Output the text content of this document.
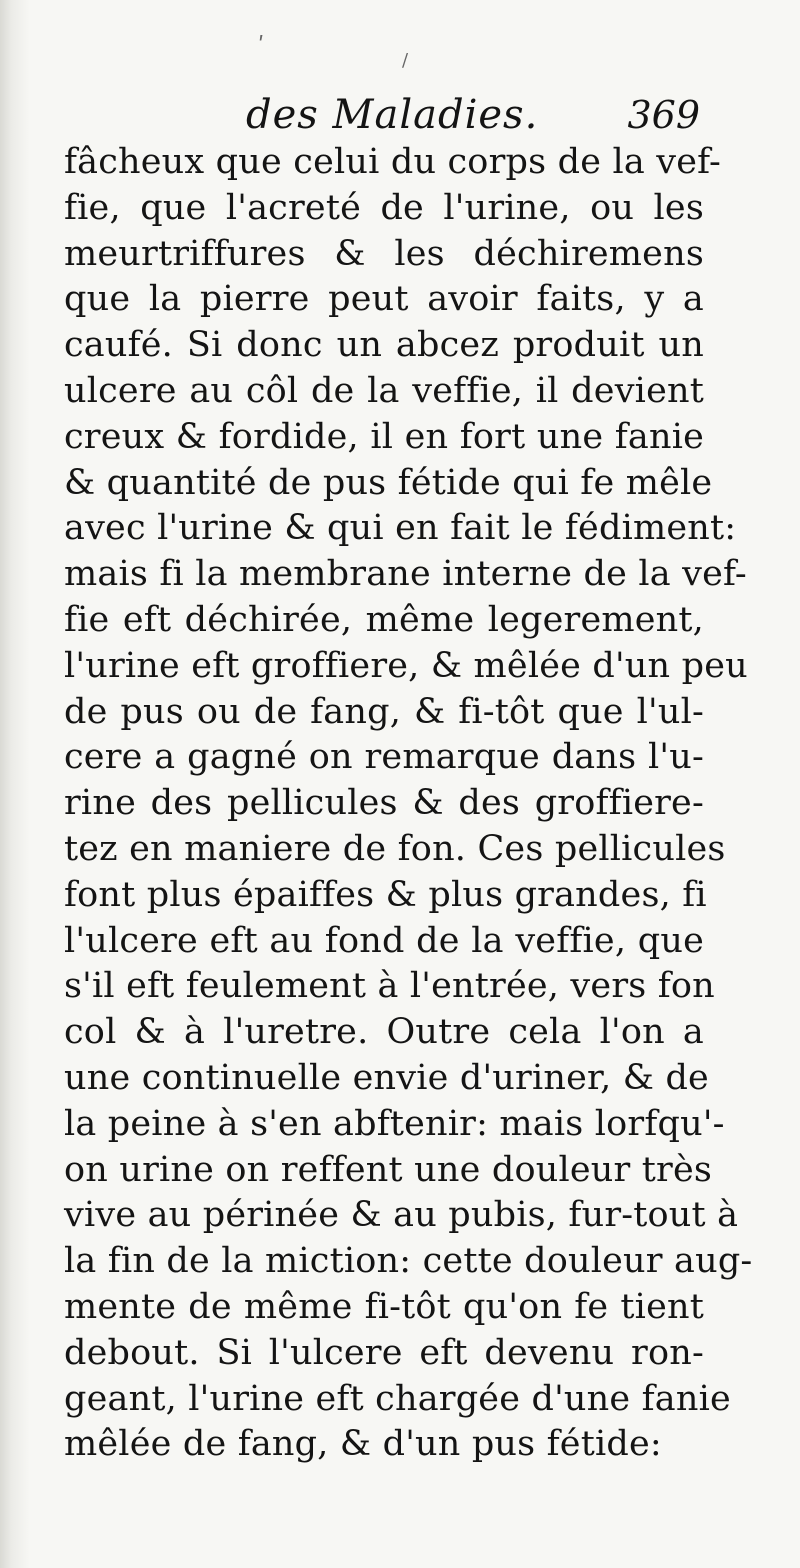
ʹ
/
des Maladies. 369
fâcheux que celui du corps de la vef-
fie, que l'acreté de l'urine, ou les
meurtriffures & les déchiremens
que la pierre peut avoir faits, y a
caufé. Si donc un abcez produit un
ulcere au côl de la veffie, il devient
creux & fordide, il en fort une fanie
& quantité de pus fétide qui fe mêle
avec l'urine & qui en fait le fédiment:
mais fi la membrane interne de la vef-
fie eft déchirée, même legerement,
l'urine eft groffiere, & mêlée d'un peu
de pus ou de fang, & fi-tôt que l'ul-
cere a gagné on remarque dans l'u-
rine des pellicules & des groffiere-
tez en maniere de fon. Ces pellicules
font plus épaiffes & plus grandes, fi
l'ulcere eft au fond de la veffie, que
s'il eft feulement à l'entrée, vers fon
col & à l'uretre. Outre cela l'on a
une continuelle envie d'uriner, & de
la peine à s'en abftenir: mais lorfqu'-
on urine on reffent une douleur très
vive au périnée & au pubis, fur-tout à
la fin de la miction: cette douleur aug-
mente de même fi-tôt qu'on fe tient
debout. Si l'ulcere eft devenu ron-
geant, l'urine eft chargée d'une fanie
mêlée de fang, & d'un pus fétide:
